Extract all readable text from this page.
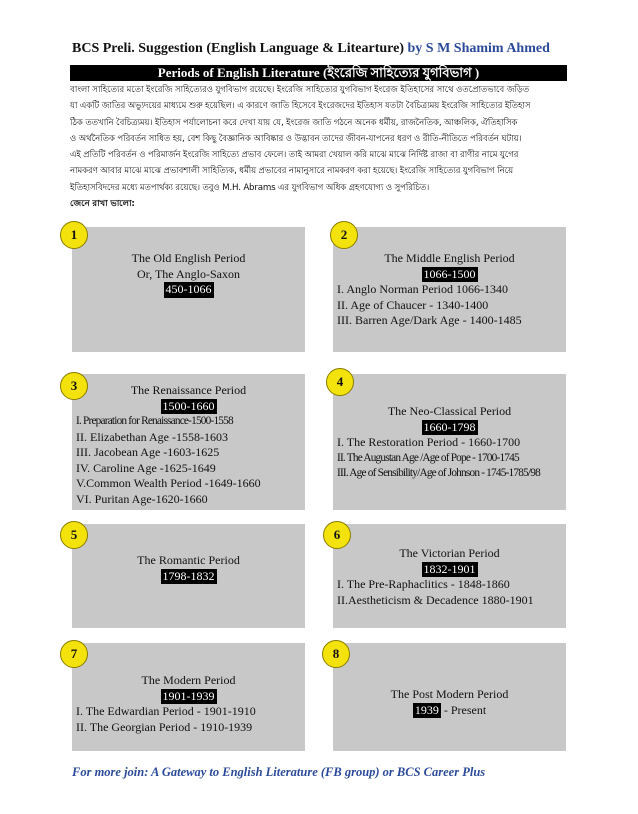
BCS Preli. Suggestion (English Language & Litearture) by S M Shamim Ahmed
Periods of English Literature (ইংরেজি সাহিত্যের যুগবিভাগ )

বাংলা সাহিত্যের মতো ইংরেজি সাহিত্যেরও যুগবিভাগ রয়েছে। ইংরেজি সাহিত্যের যুগবিভাগ ইংরেজ ইতিহাসের সাথে ওতপ্রোতভাবে জড়িত

যা একটি জাতির অভ্যুদয়ের মাধ্যমে শুরু হয়েছিল। এ কারণে জাতি হিসেবে ইংরেজদের ইতিহাস যতটা বৈচিত্র্যময় ইংরেজি সাহিত্যের ইতিহাস

ঠিক ততখানি বৈচিত্র্যময়। ইতিহাস পর্যালোচনা করে দেখা যায় যে, ইংরেজ জাতি গঠনে অনেক ধর্মীয়, রাজনৈতিক, আঞ্চলিক, ঐতিহাসিক

ও অর্থনৈতিক পরিবর্তন সাধিত হয়, বেশ কিছু বৈজ্ঞানিক আবিষ্কার ও উদ্ভাবন তাদের জীবন-যাপনের ধরণ ও রীতি-নীতিতে পরিবর্তন ঘটায়।

এই প্রতিটি পরিবর্তন ও পরিমার্জন ইংরেজি সাহিত্যে প্রভাব ফেলে। তাই আমরা খেয়াল করি মাঝে মাঝে নির্দিষ্ট রাজা বা রাণীর নামে যুগের

নামকরণ আবার মাঝে মাঝে প্রভাবশালী সাহিত্যিক, ধর্মীয় প্রভাবের নামানুসারে নামকরণ করা হয়েছে। ইংরেজি সাহিত্যের যুগবিভাগ নিয়ে

ইতিহাসবিদদের মধ্যে মতপার্থক্য রয়েছে। তবুও M.H. Abrams এর যুগবিভাগ অধিক গ্রহণযোগ্য ও সুপরিচিত।

জেনে রাখা ভালো:

The Old English Period
Or, The Anglo-Saxon
450-1066
1
The Middle English Period
1066-1500
I. Anglo Norman Period 1066-1340
II. Age of Chaucer - 1340-1400
III. Barren Age/Dark Age - 1400-1485
2
The Renaissance Period
1500-1660
I. Preparation for Renaissance-1500-1558
II. Elizabethan Age -1558-1603
III. Jacobean Age -1603-1625
IV. Caroline Age -1625-1649
V.Common Wealth Period -1649-1660
VI. Puritan Age-1620-1660
3
The Neo-Classical Period
1660-1798
I. The Restoration Period - 1660-1700
II. The Augustan Age /Age of Pope - 1700-1745
III. Age of Sensibility/Age of Johnson - 1745-1785/98
4
The Romantic Period
1798-1832
5
The Victorian Period
1832-1901
I. The Pre-Raphaclitics - 1848-1860
II.Aestheticism & Decadence 1880-1901
6
The Modern Period
1901-1939
I. The Edwardian Period - 1901-1910
II. The Georgian Period - 1910-1939
7
The Post Modern Period
1939 - Present
8
For more join: A Gateway to English Literature (FB group) or BCS Career Plus
